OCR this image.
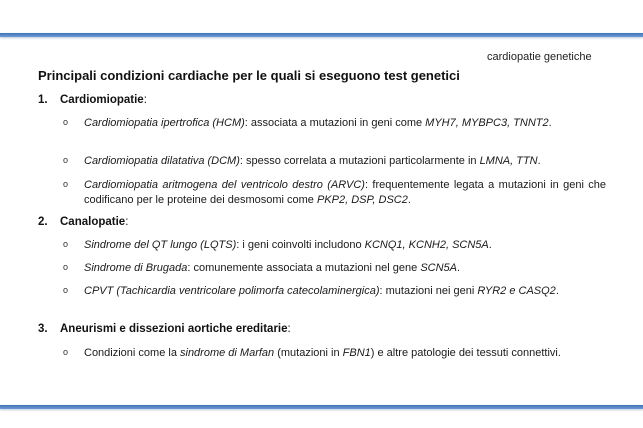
cardiopatie genetiche
Principali condizioni cardiache per le quali si eseguono test genetici
1. Cardiomiopatie:
o Cardiomiopatia ipertrofica (HCM): associata a mutazioni in geni come MYH7, MYBPC3, TNNT2.
o Cardiomiopatia dilatativa (DCM): spesso correlata a mutazioni particolarmente in LMNA, TTN.
o Cardiomiopatia aritmogena del ventricolo destro (ARVC): frequentemente legata a mutazioni in geni che codificano per le proteine dei desmosomi come PKP2, DSP, DSC2.
2. Canalopatie:
o Sindrome del QT lungo (LQTS): i geni coinvolti includono KCNQ1, KCNH2, SCN5A.
o Sindrome di Brugada: comunemente associata a mutazioni nel gene SCN5A.
o CPVT (Tachicardia ventricolare polimorfa catecolaminergica): mutazioni nei geni RYR2 e CASQ2.
3. Aneurismi e dissezioni aortiche ereditarie:
o Condizioni come la sindrome di Marfan (mutazioni in FBN1) e altre patologie dei tessuti connettivi.
